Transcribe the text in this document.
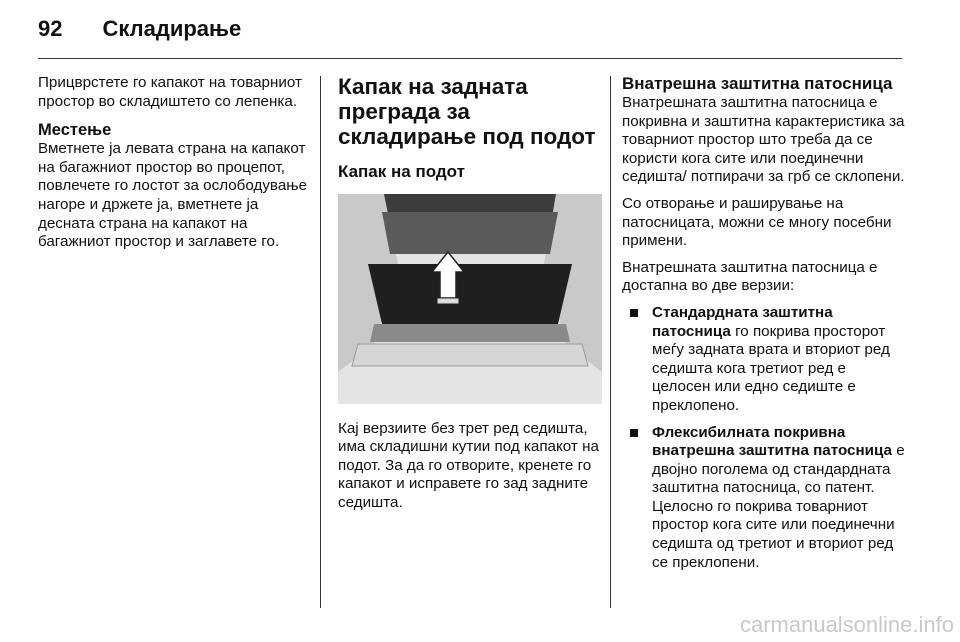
92 Складирање

Прицврстете го капакот на товарниот простор во складиштето со лепенка.

Местење

Вметнете ја левата страна на капакот на багажниот простор во процепот, повлечете го лостот за ослободување нагоре и држете ја, вметнете ја десната страна на капакот на багажниот простор и заглавете го.

Капак на задната преграда за складирање под подот
Капак на подот

Кај верзиите без трет ред седишта, има складишни кутии под капакот на подот. За да го отворите, кренете го капакот и исправете го зад задните седишта.

Внатрешна заштитна патосница

Внатрешната заштитна патосница е покривна и заштитна карактеристика за товарниот простор што треба да се користи кога сите или поединечни седишта/ потпирачи за грб се склопени.

Со отворање и раширување на патосницата, можни се многу посебни примени.

Внатрешната заштитна патосница е достапна во две верзии:

Стандардната заштитна патосница го покрива просторот меѓу задната врата и вториот ред седишта кога третиот ред е целосен или едно седиште е преклопено.
Флексибилната покривна внатрешна заштитна патосница е двојно поголема од стандардната заштитна патосница, со патент. Целосно го покрива товарниот простор кога сите или поединечни седишта од третиот и вториот ред се преклопени.
carmanualsonline.info
